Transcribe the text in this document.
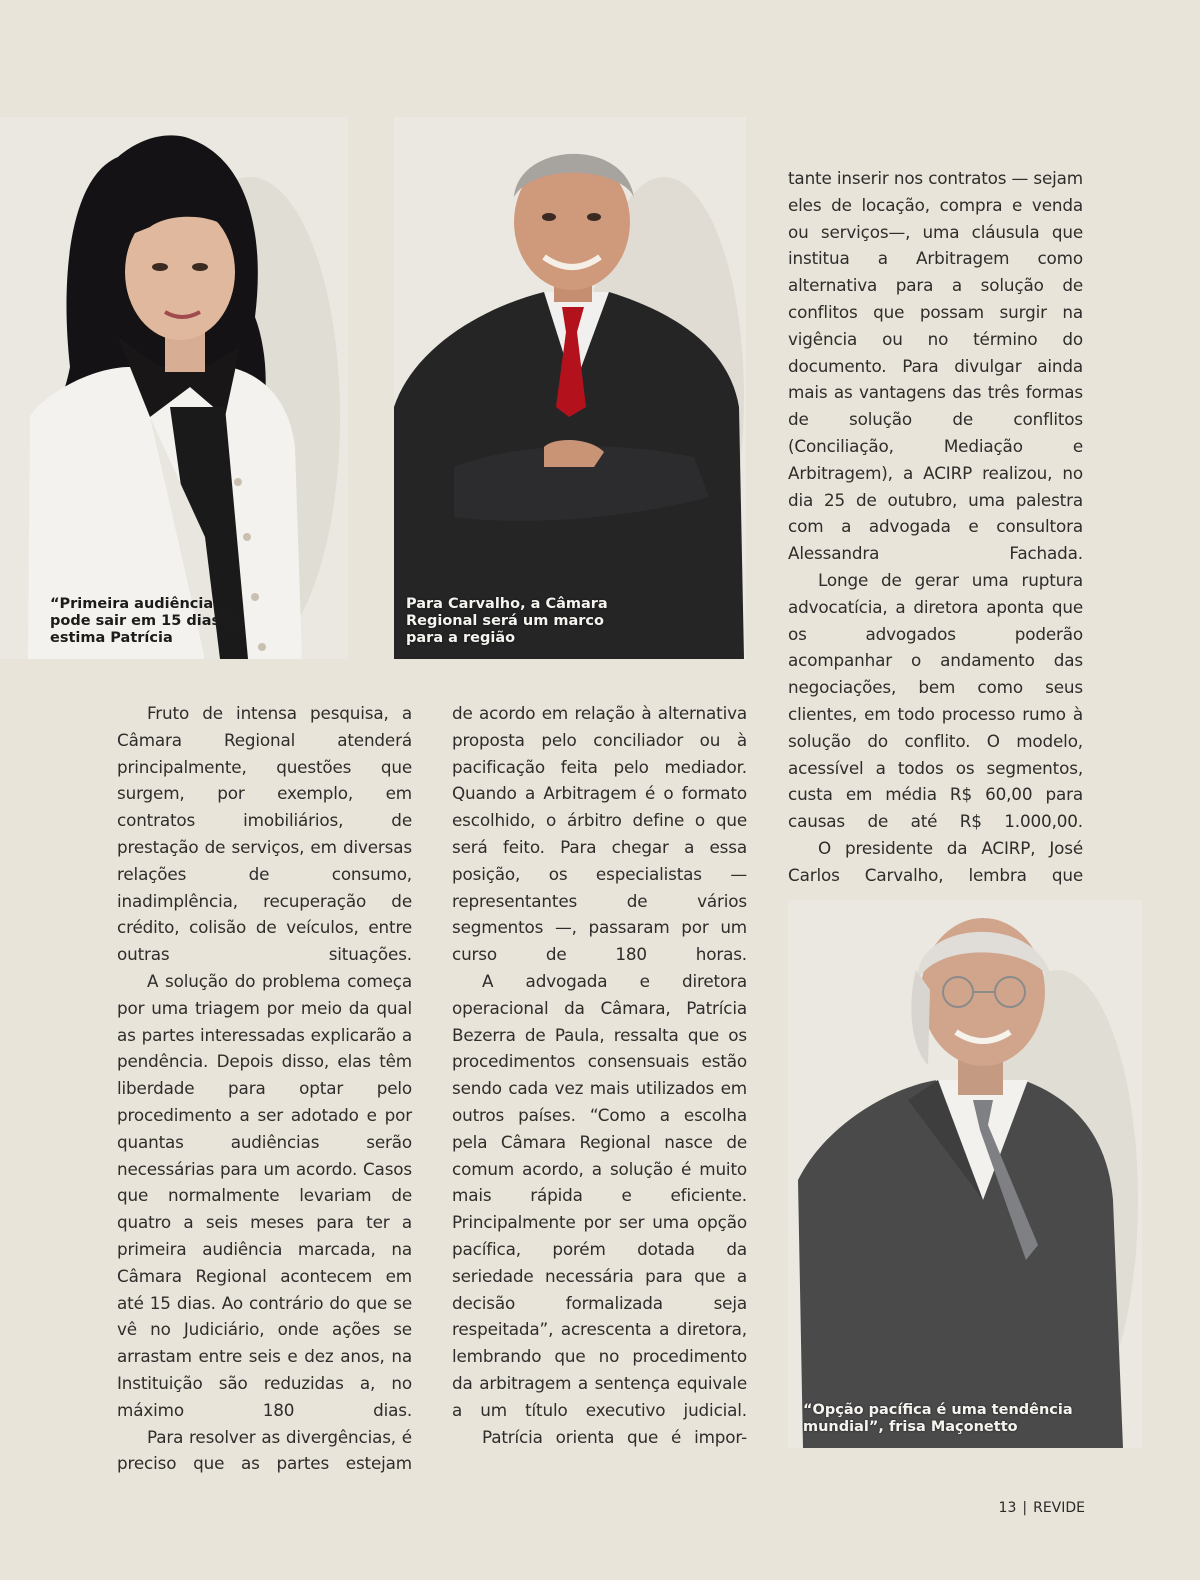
“Primeira audiência
pode sair em 15 dias”,
estima Patrícia

Para Carvalho, a Câmara
Regional será um marco
para a região

“Opção pacífica é uma tendência
mundial”, frisa Maçonetto

Fruto de intensa pesquisa, a Câmara Regional atenderá principalmente, questões que surgem, por exemplo, em contratos imobiliários, de prestação de serviços, em diversas relações de consumo, inadimplência, recuperação de crédito, colisão de veículos, entre outras situações.

A solução do problema começa por uma triagem por meio da qual as partes interessadas explicarão a pendência. Depois disso, elas têm liberdade para optar pelo procedimento a ser adotado e por quantas audiências serão necessárias para um acordo. Casos que normalmente levariam de quatro a seis meses para ter a primeira audiência marcada, na Câmara Regional acontecem em até 15 dias. Ao contrário do que se vê no Judiciário, onde ações se arrastam entre seis e dez anos, na Instituição são reduzidas a, no máximo 180 dias.

Para resolver as divergências, é preciso que as partes estejam

de acordo em relação à alternativa proposta pelo conciliador ou à pacificação feita pelo mediador. Quando a Arbitragem é o formato escolhido, o árbitro define o que será feito. Para chegar a essa posição, os especialistas — representantes de vários segmentos —, passaram por um curso de 180 horas.

A advogada e diretora operacional da Câmara, Patrícia Bezerra de Paula, ressalta que os procedimentos consensuais estão sendo cada vez mais utilizados em outros países. “Como a escolha pela Câmara Regional nasce de comum acordo, a solução é muito mais rápida e eficiente. Principalmente por ser uma opção pacífica, porém dotada da seriedade necessária para que a decisão formalizada seja respeitada”, acrescenta a diretora, lembrando que no procedimento da arbitragem a sentença equivale a um título executivo judicial.

Patrícia orienta que é impor-

tante inserir nos contratos — sejam eles de locação, compra e venda ou serviços—, uma cláusula que institua a Arbitragem como alternativa para a solução de conflitos que possam surgir na vigência ou no término do documento. Para divulgar ainda mais as vantagens das três formas de solução de conflitos (Conciliação, Mediação e Arbitragem), a ACIRP realizou, no dia 25 de outubro, uma palestra com a advogada e consultora Alessandra Fachada.

Longe de gerar uma ruptura advocatícia, a diretora aponta que os advogados poderão acompanhar o andamento das negociações, bem como seus clientes, em todo processo rumo à solução do conflito. O modelo, acessível a todos os segmentos, custa em média R$ 60,00 para causas de até R$ 1.000,00.

O presidente da ACIRP, José Carlos Carvalho, lembra que

13 | REVIDE
